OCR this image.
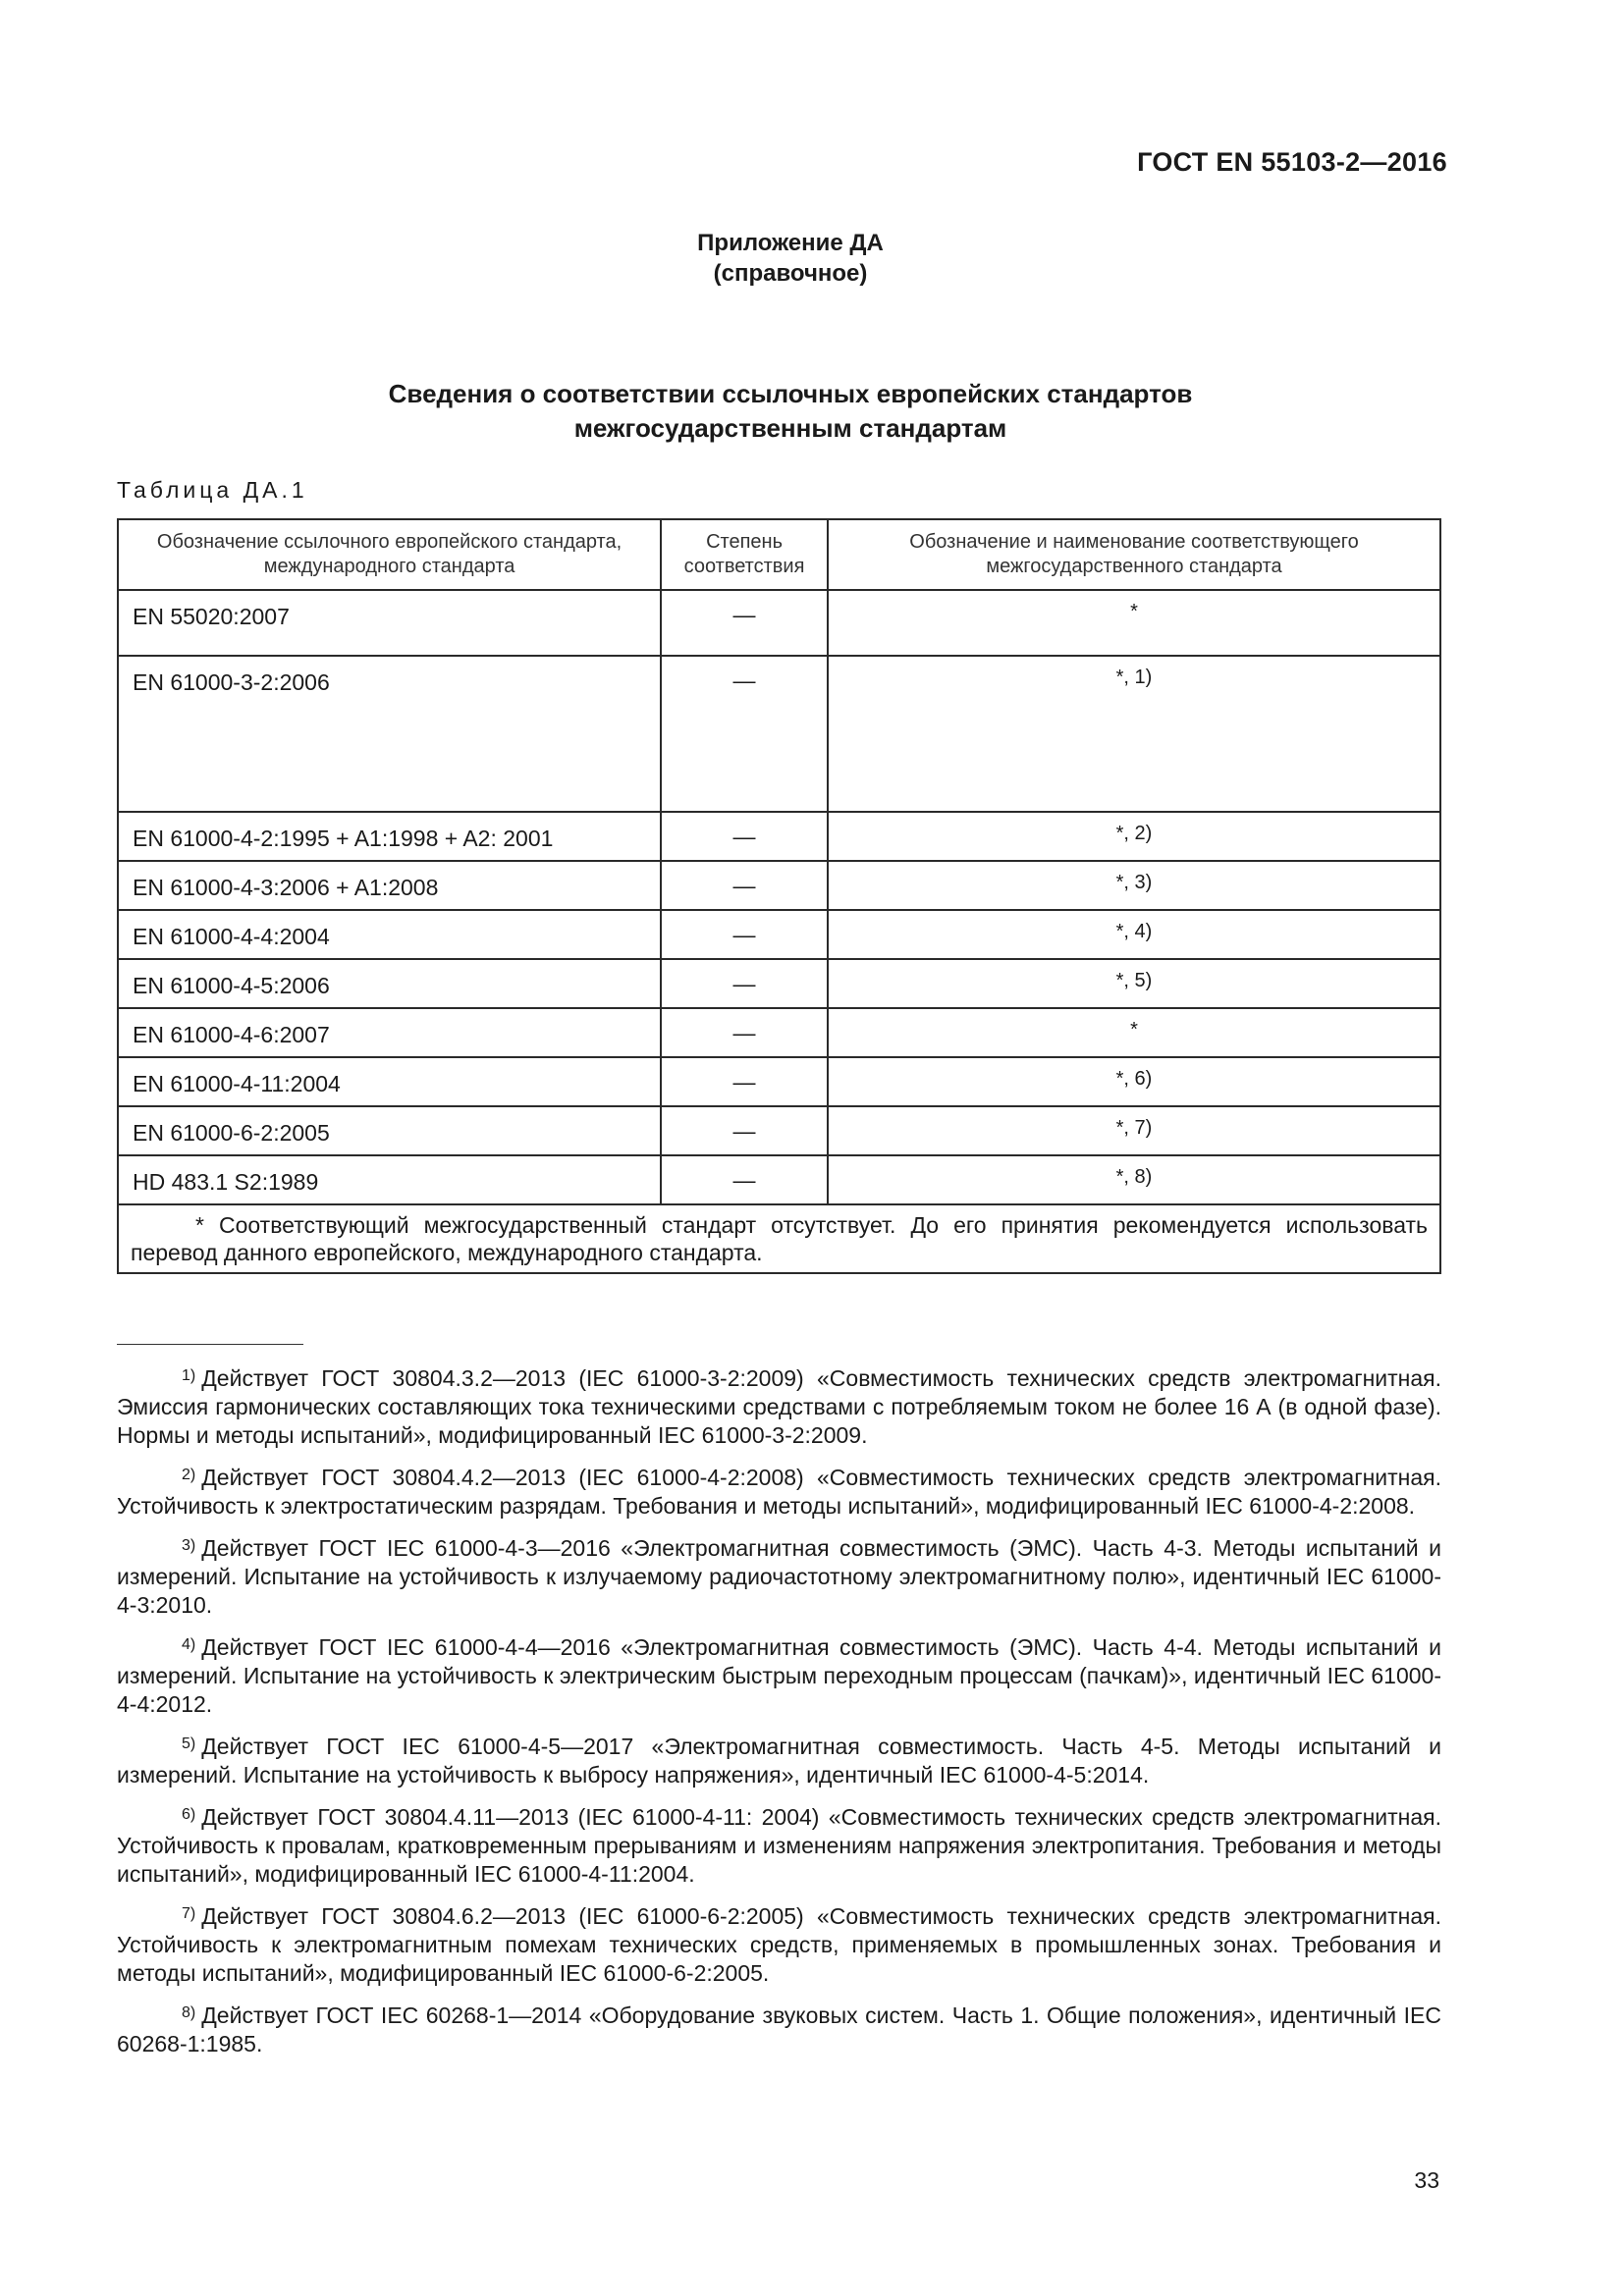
ГОСТ EN 55103-2—2016
Приложение ДА
(справочное)
Сведения о соответствии ссылочных европейских стандартов
межгосударственным стандартам
Таблица ДА.1
Обозначение ссылочного европейского стандарта, международного стандарта	Степень соответствия	Обозначение и наименование соответствующего межгосударственного стандарта
EN 55020:2007	—	*
EN 61000-3-2:2006	—	*, 1)
EN 61000-4-2:1995 + A1:1998 + A2: 2001	—	*, 2)
EN 61000-4-3:2006 + A1:2008	—	*, 3)
EN 61000-4-4:2004	—	*, 4)
EN 61000-4-5:2006	—	*, 5)
EN 61000-4-6:2007	—	*
EN 61000-4-11:2004	—	*, 6)
EN 61000-6-2:2005	—	*, 7)
HD 483.1 S2:1989	—	*, 8)

* Соответствующий межгосударственный стандарт отсутствует. До его принятия рекомендуется использовать перевод данного европейского, международного стандарта.		
$^{1)}$ Действует ГОСТ 30804.3.2—2013 (IEC 61000-3-2:2009) «Совместимость технических средств электромагнитная. Эмиссия гармонических составляющих тока техническими средствами с потребляемым током не более 16 А (в одной фазе). Нормы и методы испытаний», модифицированный IEC 61000-3-2:2009.
$^{2)}$ Действует ГОСТ 30804.4.2—2013 (IEC 61000-4-2:2008) «Совместимость технических средств электромагнитная. Устойчивость к электростатическим разрядам. Требования и методы испытаний», модифицированный IEC 61000-4-2:2008.
$^{3)}$ Действует ГОСТ IEC 61000-4-3—2016 «Электромагнитная совместимость (ЭМС). Часть 4-3. Методы испытаний и измерений. Испытание на устойчивость к излучаемому радиочастотному электромагнитному полю», идентичный IEC 61000-4-3:2010.
$^{4)}$ Действует ГОСТ IEC 61000-4-4—2016 «Электромагнитная совместимость (ЭМС). Часть 4-4. Методы испытаний и измерений. Испытание на устойчивость к электрическим быстрым переходным процессам (пачкам)», идентичный IEC 61000-4-4:2012.
$^{5)}$ Действует ГОСТ IEC 61000-4-5—2017 «Электромагнитная совместимость. Часть 4-5. Методы испытаний и измерений. Испытание на устойчивость к выбросу напряжения», идентичный IEC 61000-4-5:2014.
$^{6)}$ Действует ГОСТ 30804.4.11—2013 (IEC 61000-4-11: 2004) «Совместимость технических средств электромагнитная. Устойчивость к провалам, кратковременным прерываниям и изменениям напряжения электропитания. Требования и методы испытаний», модифицированный IEC 61000-4-11:2004.
$^{7)}$ Действует ГОСТ 30804.6.2—2013 (IEC 61000-6-2:2005) «Совместимость технических средств электромагнитная. Устойчивость к электромагнитным помехам технических средств, применяемых в промышленных зонах. Требования и методы испытаний», модифицированный IEC 61000-6-2:2005.
$^{8)}$ Действует ГОСТ IEC 60268-1—2014 «Оборудование звуковых систем. Часть 1. Общие положения», идентичный IEC 60268-1:1985.
33
